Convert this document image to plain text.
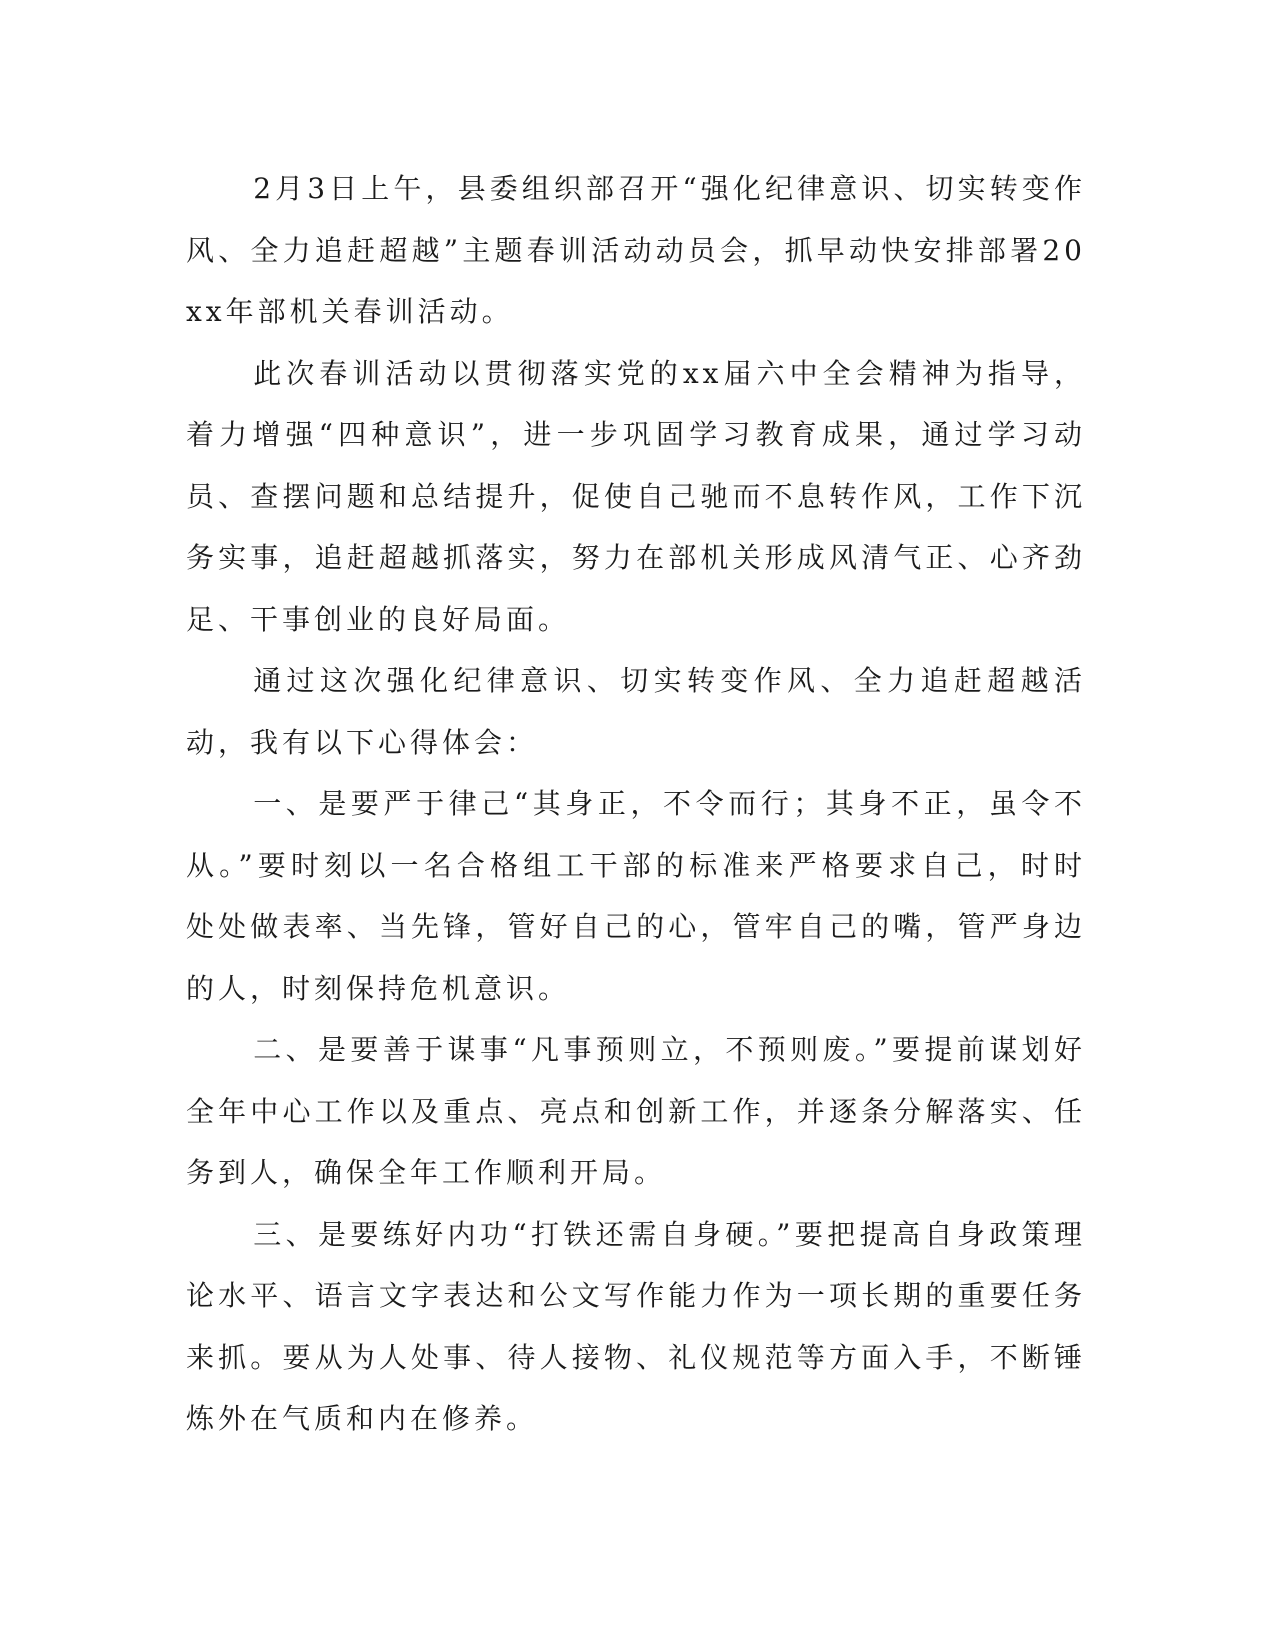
2月3日上午，县委组织部召开“强化纪律意识、切实转变作风、全力追赶超越”主题春训活动动员会，抓早动快安排部署20xx年部机关春训活动。

此次春训活动以贯彻落实党的xx届六中全会精神为指导，着力增强“四种意识”，进一步巩固学习教育成果，通过学习动员、查摆问题和总结提升，促使自己驰而不息转作风，工作下沉务实事，追赶超越抓落实，努力在部机关形成风清气正、心齐劲足、干事创业的良好局面。

通过这次强化纪律意识、切实转变作风、全力追赶超越活动，我有以下心得体会：

一、是要严于律己“其身正，不令而行；其身不正，虽令不从。”要时刻以一名合格组工干部的标准来严格要求自己，时时处处做表率、当先锋，管好自己的心，管牢自己的嘴，管严身边的人，时刻保持危机意识。

二、是要善于谋事“凡事预则立，不预则废。”要提前谋划好全年中心工作以及重点、亮点和创新工作，并逐条分解落实、任务到人，确保全年工作顺利开局。

三、是要练好内功“打铁还需自身硬。”要把提高自身政策理论水平、语言文字表达和公文写作能力作为一项长期的重要任务来抓。要从为人处事、待人接物、礼仪规范等方面入手，不断锤炼外在气质和内在修养。
